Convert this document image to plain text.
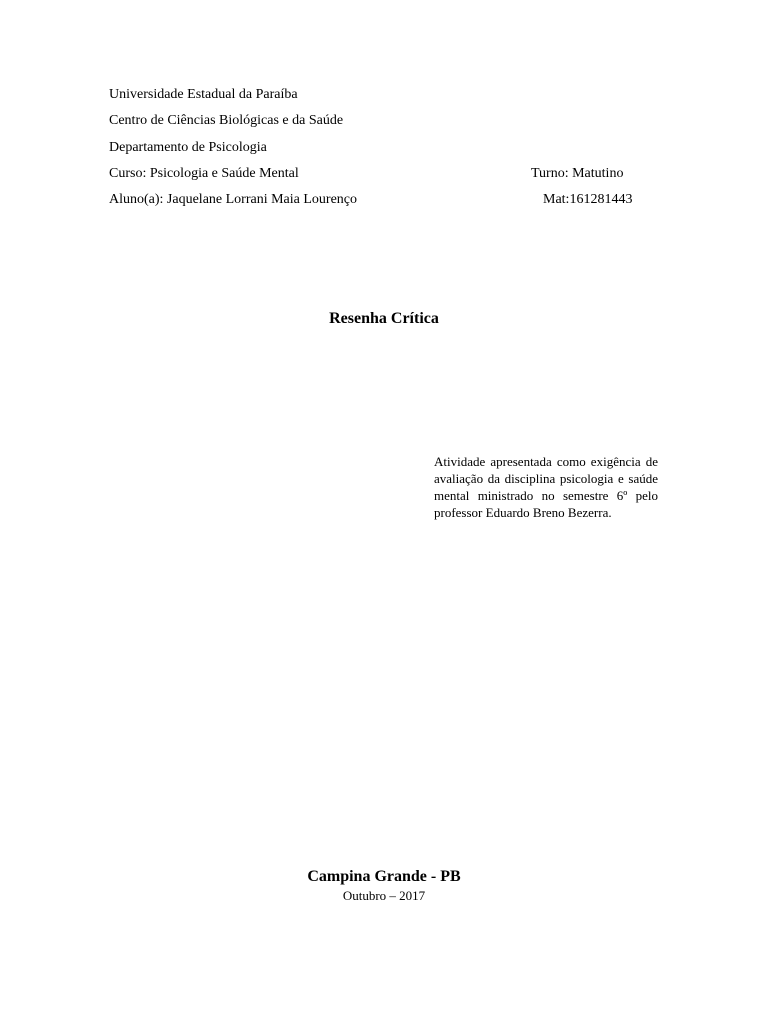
Universidade Estadual da Paraíba
Centro de Ciências Biológicas e da Saúde
Departamento de Psicologia
Curso: Psicologia e Saúde Mental	Turno: Matutino
Aluno(a): Jaquelane Lorrani Maia Lourenço	Mat:161281443
Resenha Crítica
Atividade apresentada como exigência de avaliação da disciplina psicologia e saúde mental ministrado no semestre 6º pelo professor Eduardo Breno Bezerra.
Campina Grande - PB
Outubro – 2017
